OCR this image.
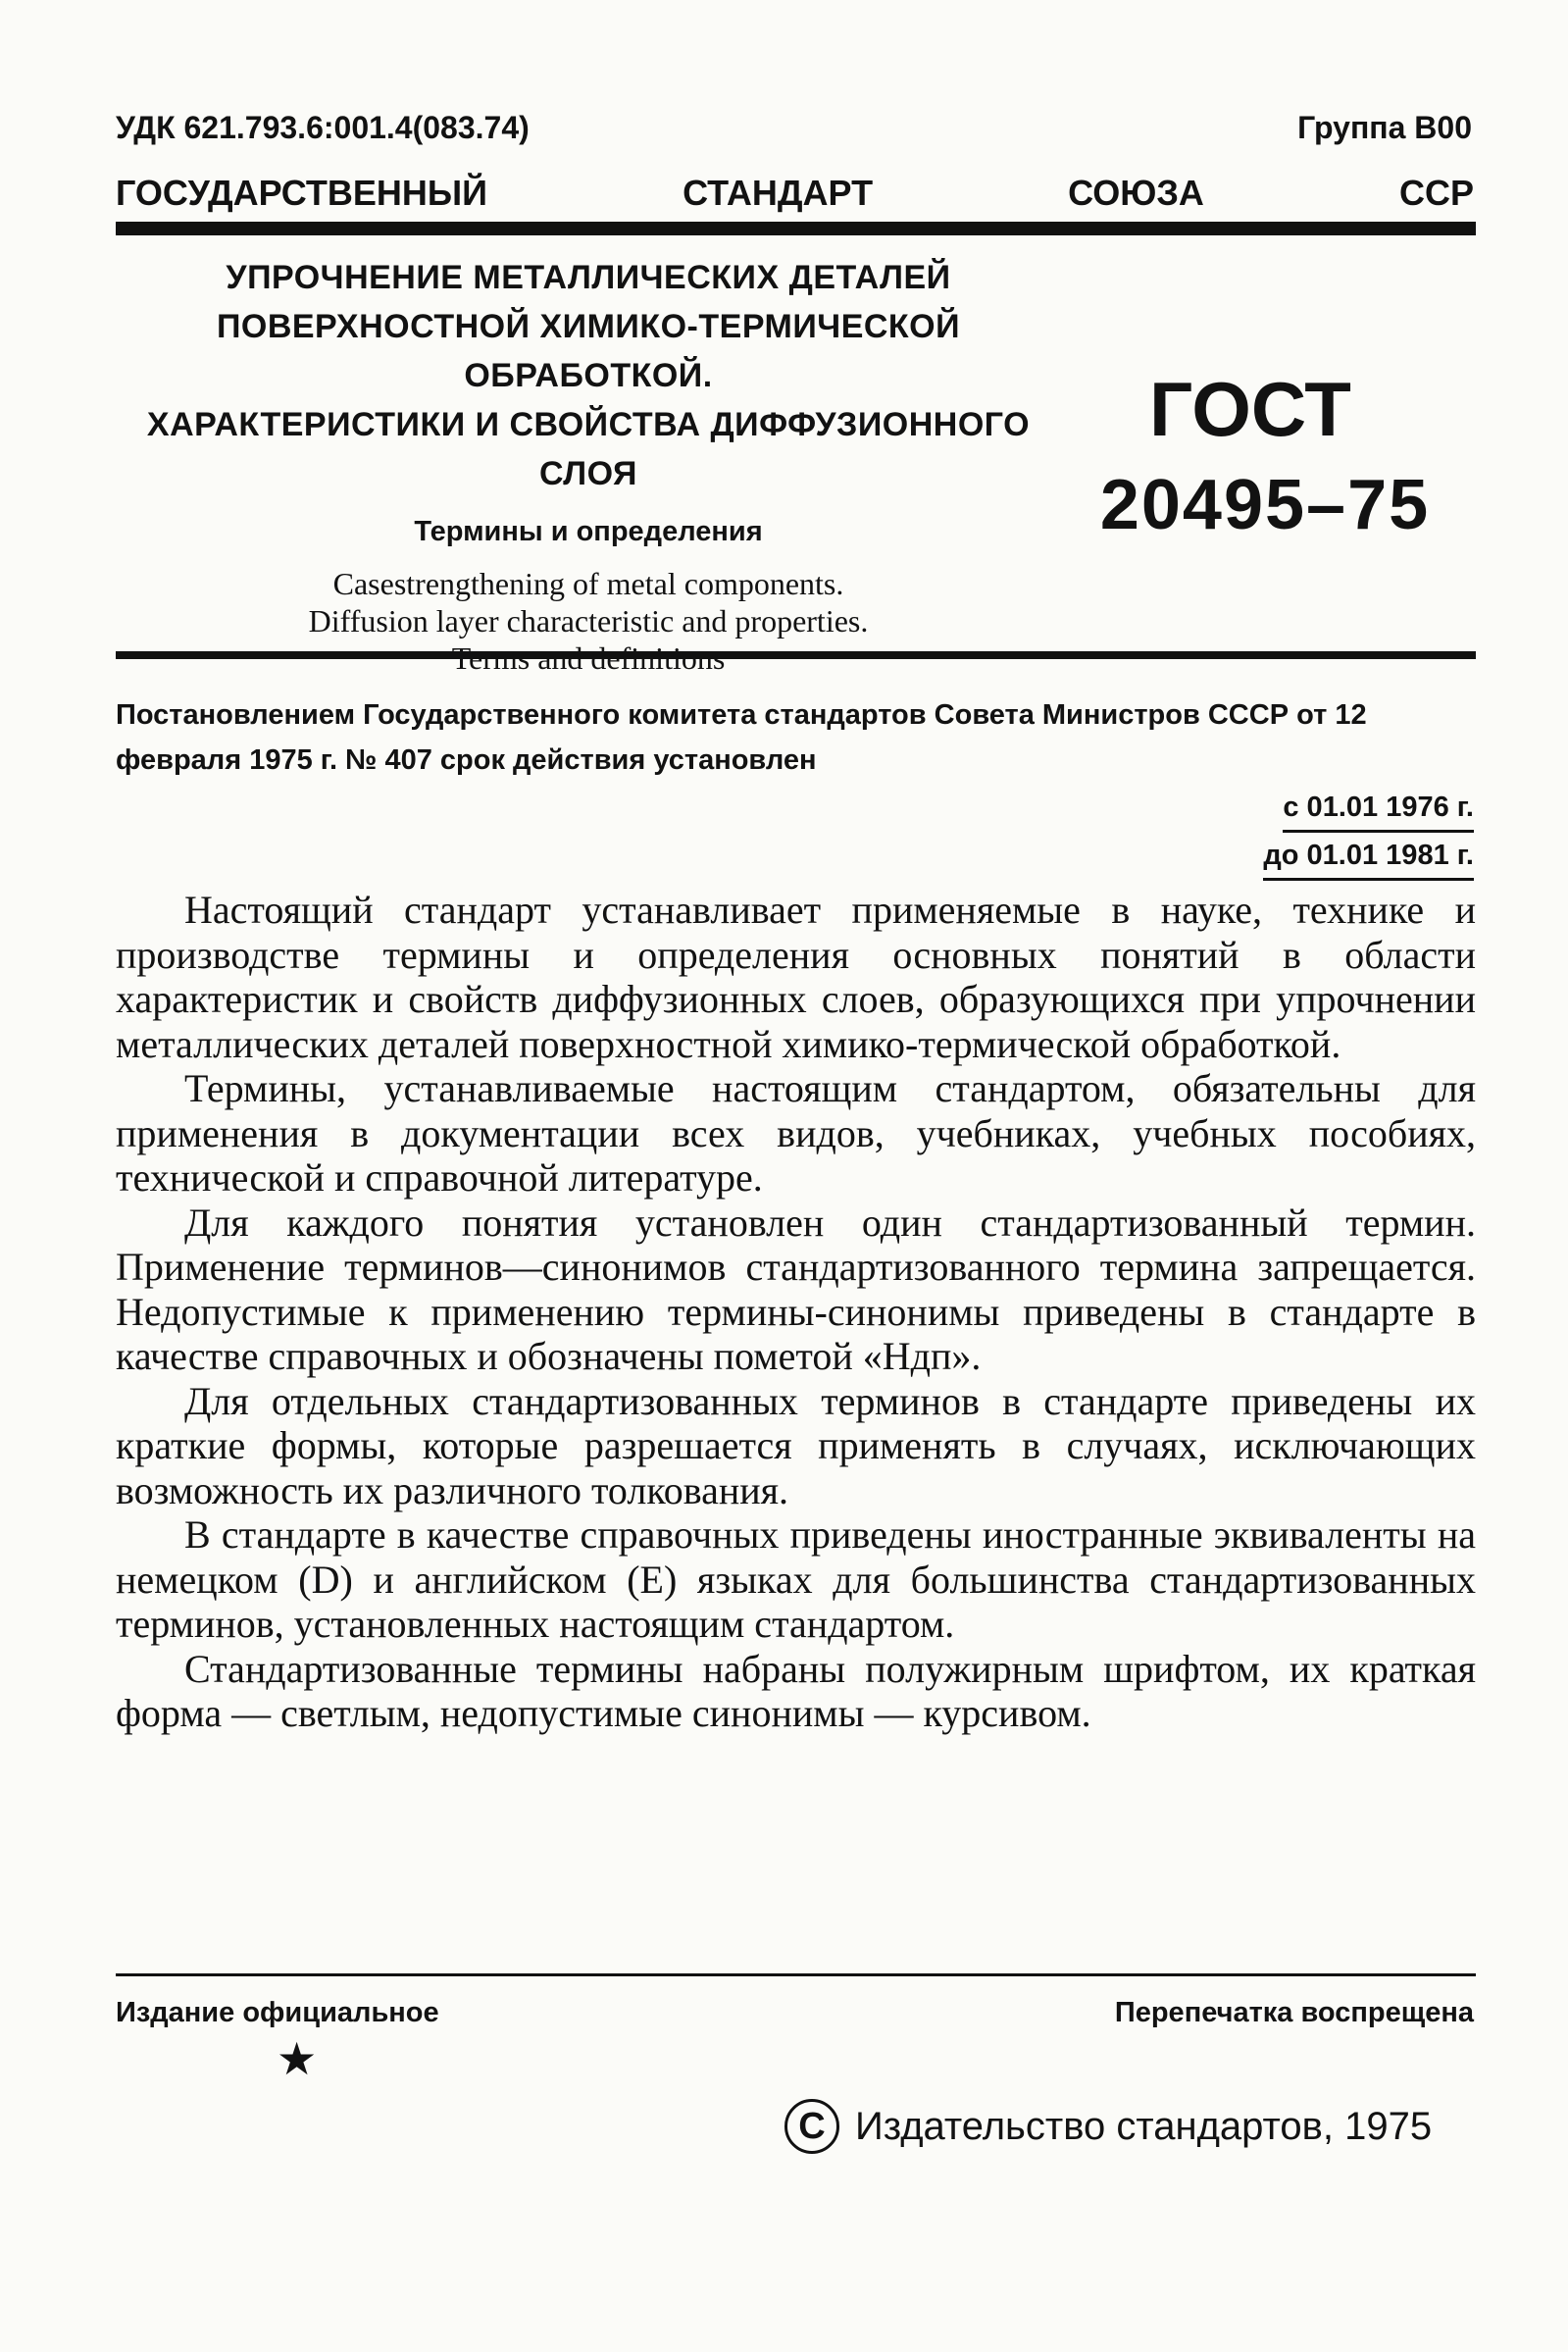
УДК 621.793.6:001.4(083.74)	Группа В00
ГОСУДАРСТВЕННЫЙ	СТАНДАРТ	СОЮЗА	ССР
УПРОЧНЕНИЕ МЕТАЛЛИЧЕСКИХ ДЕТАЛЕЙ
ПОВЕРХНОСТНОЙ ХИМИКО-ТЕРМИЧЕСКОЙ
ОБРАБОТКОЙ.
ХАРАКТЕРИСТИКИ И СВОЙСТВА ДИФФУЗИОННОГО
СЛОЯ
Термины и определения
Casestrengthening of metal components.
Diffusion layer characteristic and properties.
ГОСТ
20495–75
Постановлением Государственного комитета стандартов Совета Министров СССР от 12 февраля 1975 г. № 407 срок действия установлен
с 01.01 1976 г.
до 01.01 1981 г.

Настоящий стандарт устанавливает применяемые в науке, технике и производстве термины и определения основных понятий в области характеристик и свойств диффузионных слоев, образующихся при упрочнении металлических деталей поверхностной химико-термической обработкой.

Термины, устанавливаемые настоящим стандартом, обязательны для применения в документации всех видов, учебниках, учебных пособиях, технической и справочной литературе.

Для каждого понятия установлен один стандартизованный термин. Применение терминов—синонимов стандартизованного термина запрещается. Недопустимые к применению термины-синонимы приведены в стандарте в качестве справочных и обозначены пометой «Ндп».

Для отдельных стандартизованных терминов в стандарте приведены их краткие формы, которые разрешается применять в случаях, исключающих возможность их различного толкования.

В стандарте в качестве справочных приведены иностранные эквиваленты на немецком (D) и английском (E) языках для большинства стандартизованных терминов, установленных настоящим стандартом.

Стандартизованные термины набраны полужирным шрифтом, их краткая форма — светлым, недопустимые синонимы — курсивом.

Издание официальное	Перепечатка воспрещена
★
C Издательство стандартов, 1975
